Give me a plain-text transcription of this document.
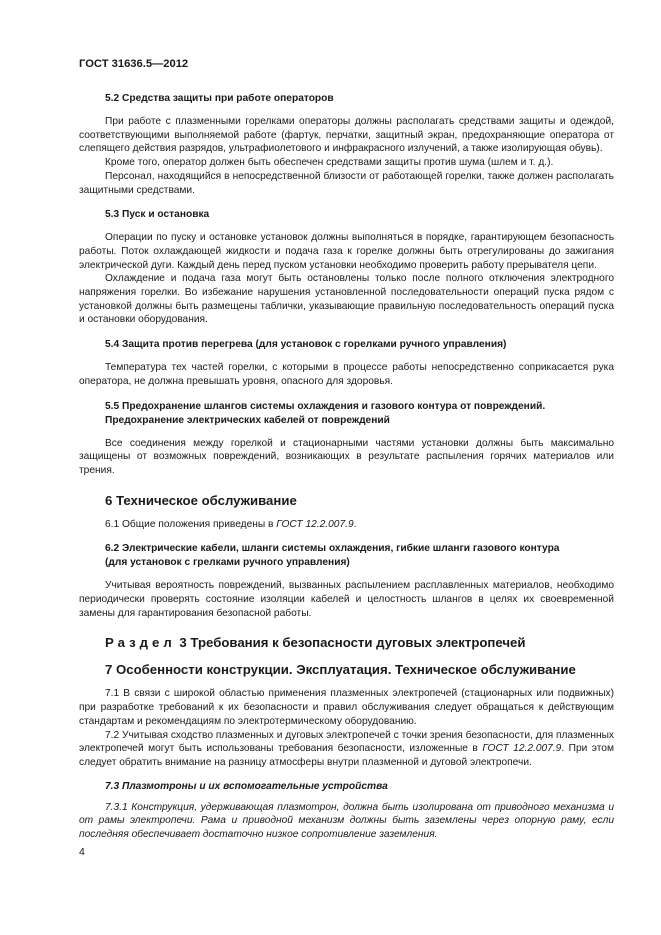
ГОСТ 31636.5—2012
5.2 Средства защиты при работе операторов

При работе с плазменными горелками операторы должны располагать средствами защиты и одеждой, соответствующими выполняемой работе (фартук, перчатки, защитный экран, предохраняющие оператора от слепящего действия разрядов, ультрафиолетового и инфракрасного излучений, а также изолирующая обувь).

Кроме того, оператор должен быть обеспечен средствами защиты против шума (шлем и т. д.).

Персонал, находящийся в непосредственной близости от работающей горелки, также должен располагать защитными средствами.

5.3 Пуск и остановка

Операции по пуску и остановке установок должны выполняться в порядке, гарантирующем безопасность работы. Поток охлаждающей жидкости и подача газа к горелке должны быть отрегулированы до зажигания электрической дуги. Каждый день перед пуском установки необходимо проверить работу прерывателя цепи.

Охлаждение и подача газа могут быть остановлены только после полного отключения электродного напряжения горелки. Во избежание нарушения установленной последовательности операций пуска рядом с установкой должны быть размещены таблички, указывающие правильную последовательность операций пуска и остановки оборудования.

5.4 Защита против перегрева (для установок с горелками ручного управления)

Температура тех частей горелки, с которыми в процессе работы непосредственно соприкасается рука оператора, не должна превышать уровня, опасного для здоровья.

5.5 Предохранение шлангов системы охлаждения и газового контура от повреждений.
Предохранение электрических кабелей от повреждений

Все соединения между горелкой и стационарными частями установки должны быть максимально защищены от возможных повреждений, возникающих в результате распыления горячих материалов или трения.

6 Техническое обслуживание

6.1 Общие положения приведены в ГОСТ 12.2.007.9.

6.2 Электрические кабели, шланги системы охлаждения, гибкие шланги газового контура
(для установок с грелками ручного управления)

Учитывая вероятность повреждений, вызванных распылением расплавленных материалов, необходимо периодически проверять состояние изоляции кабелей и целостность шлангов в целях их своевременной замены для гарантирования безопасной работы.

Раздел 3 Требования к безопасности дуговых электропечей
7 Особенности конструкции. Эксплуатация. Техническое обслуживание

7.1 В связи с широкой областью применения плазменных электропечей (стационарных или подвижных) при разработке требований к их безопасности и правил обслуживания следует обращаться к действующим стандартам и рекомендациям по электротермическому оборудованию.

7.2 Учитывая сходство плазменных и дуговых электропечей с точки зрения безопасности, для плазменных электропечей могут быть использованы требования безопасности, изложенные в ГОСТ 12.2.007.9. При этом следует обратить внимание на разницу атмосферы внутри плазменной и дуговой электропечи.

7.3 Плазмотроны и их вспомогательные устройства

7.3.1 Конструкция, удерживающая плазмотрон, должна быть изолирована от приводного механизма и от рамы электропечи. Рама и приводной механизм должны быть заземлены через опорную раму, если последняя обеспечивает достаточно низкое сопротивление заземления.

4
